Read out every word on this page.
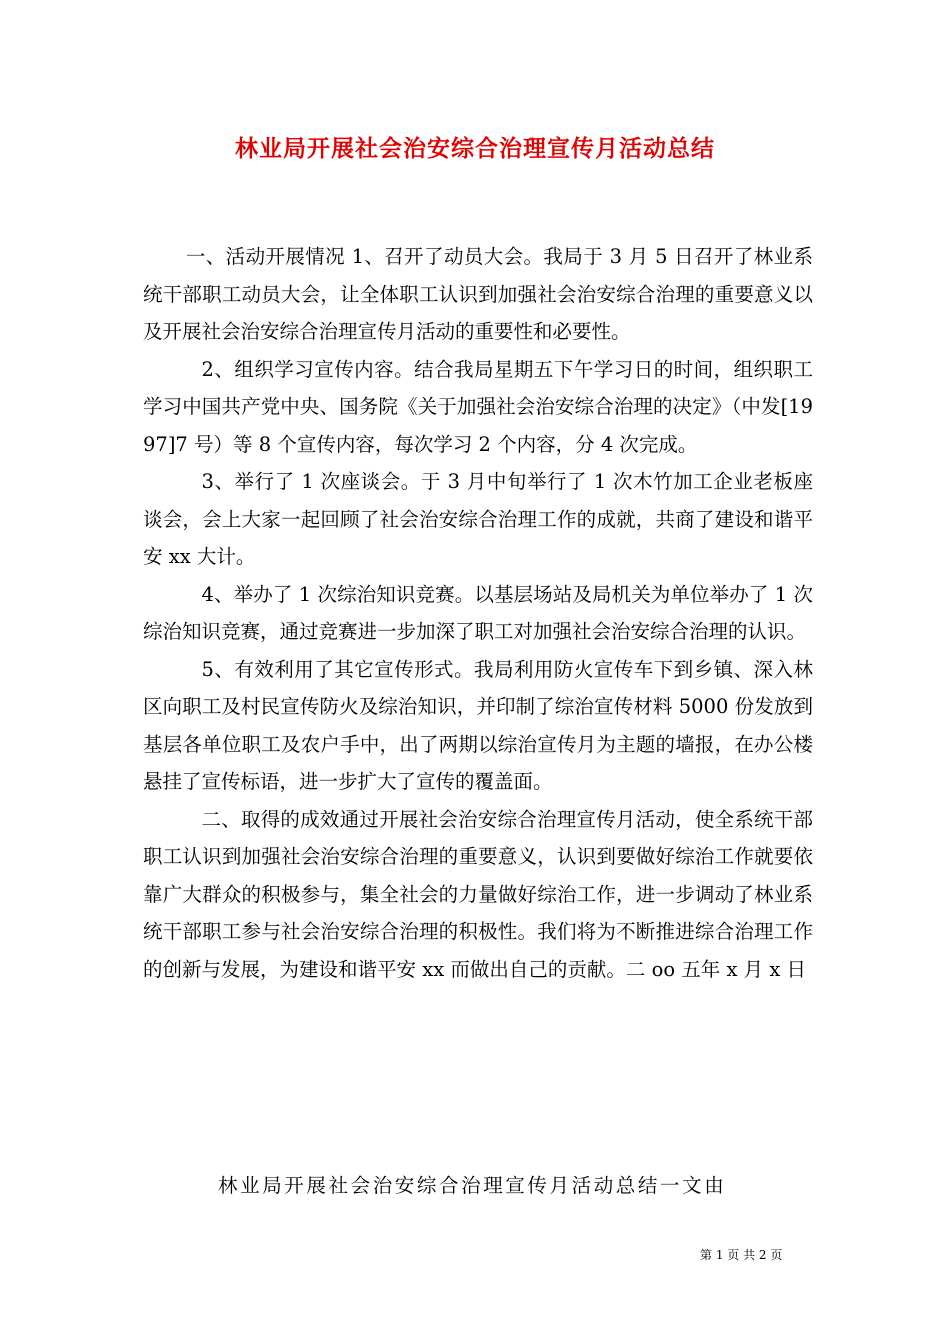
林业局开展社会治安综合治理宣传月活动总结

一、活动开展情况 1、召开了动员大会。我局于 3 月 5 日召开了林业系统干部职工动员大会，让全体职工认识到加强社会治安综合治理的重要意义以及开展社会治安综合治理宣传月活动的重要性和必要性。

2、组织学习宣传内容。结合我局星期五下午学习日的时间，组织职工学习中国共产党中央、国务院《关于加强社会治安综合治理的决定》（中发[1997]7 号）等 8 个宣传内容，每次学习 2 个内容，分 4 次完成。

3、举行了 1 次座谈会。于 3 月中旬举行了 1 次木竹加工企业老板座谈会，会上大家一起回顾了社会治安综合治理工作的成就，共商了建设和谐平安 xx 大计。

4、举办了 1 次综治知识竞赛。以基层场站及局机关为单位举办了 1 次综治知识竞赛，通过竞赛进一步加深了职工对加强社会治安综合治理的认识。

5、有效利用了其它宣传形式。我局利用防火宣传车下到乡镇、深入林区向职工及村民宣传防火及综治知识，并印制了综治宣传材料 5000 份发放到基层各单位职工及农户手中，出了两期以综治宣传月为主题的墙报，在办公楼悬挂了宣传标语，进一步扩大了宣传的覆盖面。

二、取得的成效通过开展社会治安综合治理宣传月活动，使全系统干部职工认识到加强社会治安综合治理的重要意义，认识到要做好综治工作就要依靠广大群众的积极参与，集全社会的力量做好综治工作，进一步调动了林业系统干部职工参与社会治安综合治理的积极性。我们将为不断推进综合治理工作的创新与发展，为建设和谐平安 xx 而做出自己的贡献。二 oo 五年 x 月 x 日

林业局开展社会治安综合治理宣传月活动总结一文由

第 1 页 共 2 页
